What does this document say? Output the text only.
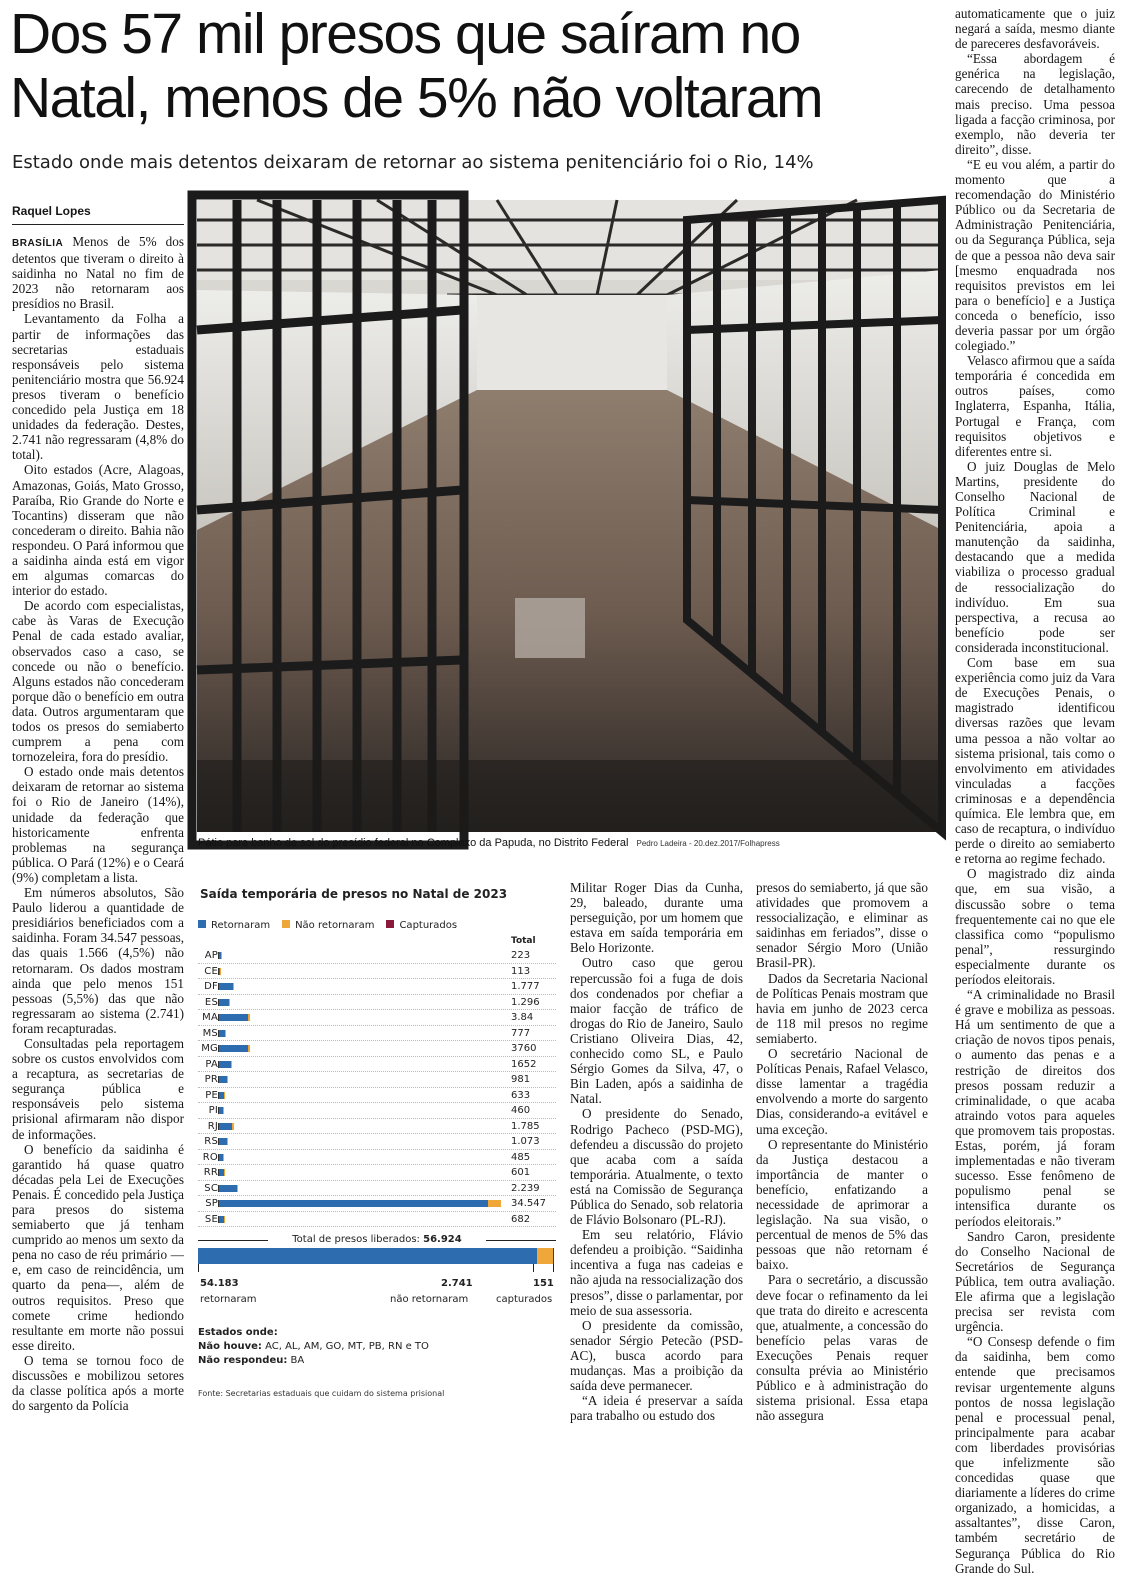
Dos 57 mil presos que saíram no Natal, menos de 5% não voltaram
Estado onde mais detentos deixaram de retornar ao sistema penitenciário foi o Rio, 14%
Raquel Lopes

BRASÍLIA Menos de 5% dos detentos que tiveram o direito à saidinha no Natal no fim de 2023 não retornaram aos presídios no Brasil.

Levantamento da Folha a partir de informações das secretarias estaduais responsáveis pelo sistema penitenciário mostra que 56.924 presos tiveram o benefício concedido pela Justiça em 18 unidades da federação. Destes, 2.741 não regressaram (4,8% do total).

Oito estados (Acre, Alagoas, Amazonas, Goiás, Mato Grosso, Paraíba, Rio Grande do Norte e Tocantins) disseram que não concederam o direito. Bahia não respondeu. O Pará informou que a saidinha ainda está em vigor em algumas comarcas do interior do estado.

De acordo com especialistas, cabe às Varas de Execução Penal de cada estado avaliar, observados caso a caso, se concede ou não o benefício. Alguns estados não concederam porque dão o benefício em outra data. Outros argumentaram que todos os presos do semiaberto cumprem a pena com tornozeleira, fora do presídio.

O estado onde mais detentos deixaram de retornar ao sistema foi o Rio de Janeiro (14%), unidade da federação que historicamente enfrenta problemas na segurança pública. O Pará (12%) e o Ceará (9%) completam a lista.

Em números absolutos, São Paulo liderou a quantidade de presidiários beneficiados com a saidinha. Foram 34.547 pessoas, das quais 1.566 (4,5%) não retornaram. Os dados mostram ainda que pelo menos 151 pessoas (5,5%) das que não regressaram ao sistema (2.741) foram recapturadas.

Consultadas pela reportagem sobre os custos envolvidos com a recaptura, as secretarias de segurança pública e responsáveis pelo sistema prisional afirmaram não dispor de informações.

O benefício da saidinha é garantido há quase quatro décadas pela Lei de Execuções Penais. É concedido pela Justiça para presos do sistema semiaberto que já tenham cumprido ao menos um sexto da pena no caso de réu primário — e, em caso de reincidência, um quarto da pena—, além de outros requisitos. Preso que comete crime hediondo resultante em morte não possui esse direito.

O tema se tornou foco de discussões e mobilizou setores da classe política após a morte do sargento da Polícia

Militar Roger Dias da Cunha, 29, baleado, durante uma perseguição, por um homem que estava em saída temporária em Belo Horizonte.

Outro caso que gerou repercussão foi a fuga de dois dos condenados por chefiar a maior facção de tráfico de drogas do Rio de Janeiro, Saulo Cristiano Oliveira Dias, 42, conhecido como SL, e Paulo Sérgio Gomes da Silva, 47, o Bin Laden, após a saidinha de Natal.

O presidente do Senado, Rodrigo Pacheco (PSD-MG), defendeu a discussão do projeto que acaba com a saída temporária. Atualmente, o texto está na Comissão de Segurança Pública do Senado, sob relatoria de Flávio Bolsonaro (PL-RJ).

Em seu relatório, Flávio defendeu a proibição. “Saidinha incentiva a fuga nas cadeias e não ajuda na ressocialização dos presos”, disse o parlamentar, por meio de sua assessoria.

O presidente da comissão, senador Sérgio Petecão (PSD-AC), busca acordo para mudanças. Mas a proibição da saída deve permanecer.

“A ideia é preservar a saída para trabalho ou estudo dos

presos do semiaberto, já que são atividades que promovem a ressocialização, e eliminar as saidinhas em feriados”, disse o senador Sérgio Moro (União Brasil-PR).

Dados da Secretaria Nacional de Políticas Penais mostram que havia em junho de 2023 cerca de 118 mil presos no regime semiaberto.

O secretário Nacional de Políticas Penais, Rafael Velasco, disse lamentar a tragédia envolvendo a morte do sargento Dias, considerando-a evitável e uma exceção.

O representante do Ministério da Justiça destacou a importância de manter o benefício, enfatizando a necessidade de aprimorar a legislação. Na sua visão, o percentual de menos de 5% das pessoas que não retornam é baixo.

Para o secretário, a discussão deve focar o refinamento da lei que trata do direito e acrescenta que, atualmente, a concessão do benefício pelas varas de Execuções Penais requer consulta prévia ao Ministério Público e à administração do sistema prisional. Essa etapa não assegura

automaticamente que o juiz negará a saída, mesmo diante de pareceres desfavoráveis.

“Essa abordagem é genérica na legislação, carecendo de detalhamento mais preciso. Uma pessoa ligada a facção criminosa, por exemplo, não deveria ter direito”, disse.

“E eu vou além, a partir do momento que a recomendação do Ministério Público ou da Secretaria de Administração Penitenciária, ou da Segurança Pública, seja de que a pessoa não deva sair [mesmo enquadrada nos requisitos previstos em lei para o benefício] e a Justiça conceda o benefício, isso deveria passar por um órgão colegiado.”

Velasco afirmou que a saída temporária é concedida em outros países, como Inglaterra, Espanha, Itália, Portugal e França, com requisitos objetivos e diferentes entre si.

O juiz Douglas de Melo Martins, presidente do Conselho Nacional de Política Criminal e Penitenciária, apoia a manutenção da saidinha, destacando que a medida viabiliza o processo gradual de ressocialização do indivíduo. Em sua perspectiva, a recusa ao benefício pode ser considerada inconstitucional.

Com base em sua experiência como juiz da Vara de Execuções Penais, o magistrado identificou diversas razões que levam uma pessoa a não voltar ao sistema prisional, tais como o envolvimento em atividades vinculadas a facções criminosas e a dependência química. Ele lembra que, em caso de recaptura, o indivíduo perde o direito ao semiaberto e retorna ao regime fechado.

O magistrado diz ainda que, em sua visão, a discussão sobre o tema frequentemente cai no que ele classifica como “populismo penal”, ressurgindo especialmente durante os períodos eleitorais.

“A criminalidade no Brasil é grave e mobiliza as pessoas. Há um sentimento de que a criação de novos tipos penais, o aumento das penas e a restrição de direitos dos presos possam reduzir a criminalidade, o que acaba atraindo votos para aqueles que promovem tais propostas. Estas, porém, já foram implementadas e não tiveram sucesso. Esse fenômeno de populismo penal se intensifica durante os períodos eleitorais.”

Sandro Caron, presidente do Conselho Nacional de Secretários de Segurança Pública, tem outra avaliação. Ele afirma que a legislação precisa ser revista com urgência.

“O Consesp defende o fim da saidinha, bem como entende que precisamos revisar urgentemente alguns pontos de nossa legislação penal e processual penal, principalmente para acabar com liberdades provisórias que infelizmente são concedidas quase que diariamente a líderes do crime organizado, a homicidas, a assaltantes”, disse Caron, também secretário de Segurança Pública do Rio Grande do Sul.

Pátio para banho de sol do presídio federal no Complexo da Papuda, no Distrito Federal Pedro Ladeira - 20.dez.2017/Folhapress
Saída temporária de presos no Natal de 2023
Retornaram	Não retornaram	Capturados
Total
AP	223
CE	113
DF	1.777
ES	1.296
MA	3.84
MS	777
MG	3760
PA	1652
PR	981
PE	633
PI	460
RJ	1.785
RS	1.073
RO	485
RR	601
SC	2.239
SP	34.547
SE	682
Total de presos liberados: 56.924
54.183
retornaram
2.741
não retornaram
151
capturados
Estados onde:
Não houve: AC, AL, AM, GO, MT, PB, RN e TO
Não respondeu: BA
Fonte: Secretarias estaduais que cuidam do sistema prisional
